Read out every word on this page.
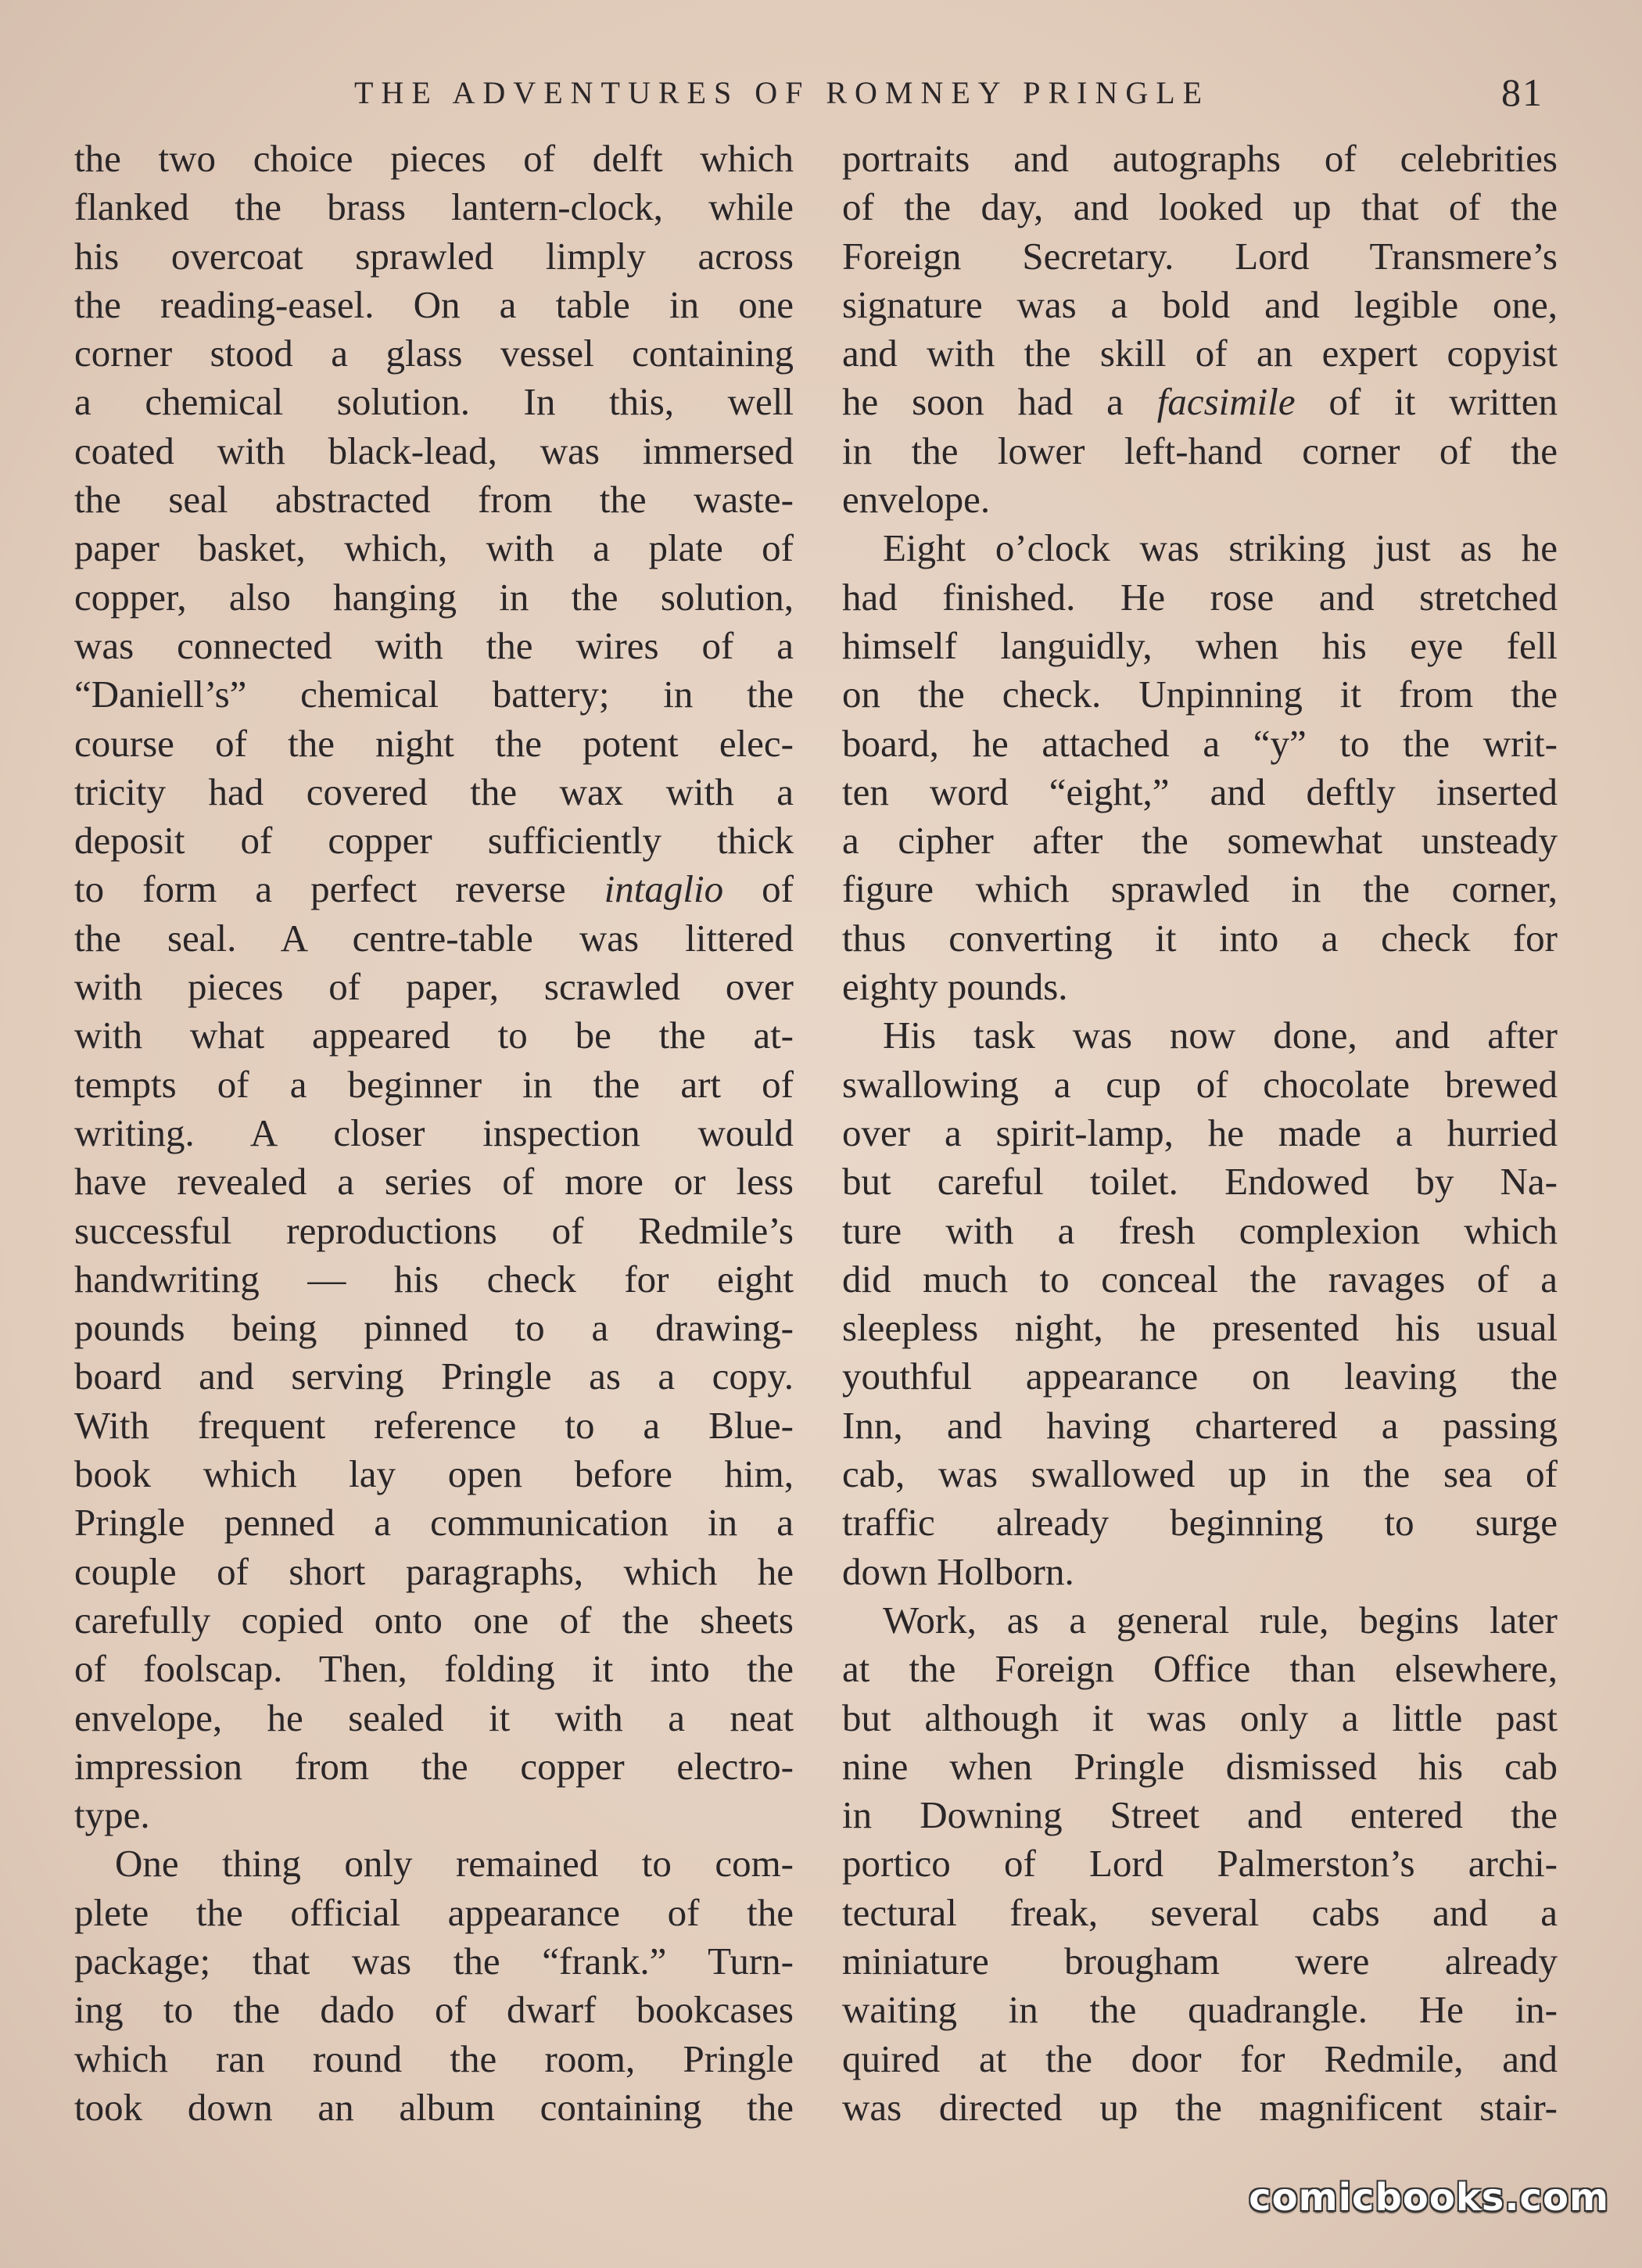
THE ADVENTURES OF ROMNEY PRINGLE	81
the two choice pieces of delft which
flanked the brass lantern-clock, while
his overcoat sprawled limply across
the reading-easel. On a table in one
corner stood a glass vessel containing
a chemical solution. In this, well
coated with black-lead, was immersed
the seal abstracted from the waste-
paper basket, which, with a plate of
copper, also hanging in the solution,
was connected with the wires of a
“Daniell’s” chemical battery; in the
course of the night the potent elec-
tricity had covered the wax with a
deposit of copper sufficiently thick
to form a perfect reverse intaglio of
the seal. A centre-table was littered
with pieces of paper, scrawled over
with what appeared to be the at-
tempts of a beginner in the art of
writing. A closer inspection would
have revealed a series of more or less
successful reproductions of Redmile’s
handwriting — his check for eight
pounds being pinned to a drawing-
board and serving Pringle as a copy.
With frequent reference to a Blue-
book which lay open before him,
Pringle penned a communication in a
couple of short paragraphs, which he
carefully copied onto one of the sheets
of foolscap. Then, folding it into the
envelope, he sealed it with a neat
impression from the copper electro-
type.
One thing only remained to com-
plete the official appearance of the
package; that was the “frank.” Turn-
ing to the dado of dwarf bookcases
which ran round the room, Pringle
took down an album containing the
portraits and autographs of celebrities
of the day, and looked up that of the
Foreign Secretary. Lord Transmere’s
signature was a bold and legible one,
and with the skill of an expert copyist
he soon had a facsimile of it written
in the lower left-hand corner of the
envelope.
Eight o’clock was striking just as he
had finished. He rose and stretched
himself languidly, when his eye fell
on the check. Unpinning it from the
board, he attached a “y” to the writ-
ten word “eight,” and deftly inserted
a cipher after the somewhat unsteady
figure which sprawled in the corner,
thus converting it into a check for
eighty pounds.
His task was now done, and after
swallowing a cup of chocolate brewed
over a spirit-lamp, he made a hurried
but careful toilet. Endowed by Na-
ture with a fresh complexion which
did much to conceal the ravages of a
sleepless night, he presented his usual
youthful appearance on leaving the
Inn, and having chartered a passing
cab, was swallowed up in the sea of
traffic already beginning to surge
down Holborn.
Work, as a general rule, begins later
at the Foreign Office than elsewhere,
but although it was only a little past
nine when Pringle dismissed his cab
in Downing Street and entered the
portico of Lord Palmerston’s archi-
tectural freak, several cabs and a
miniature brougham were already
waiting in the quadrangle. He in-
quired at the door for Redmile, and
was directed up the magnificent stair-
comicbooks.com
